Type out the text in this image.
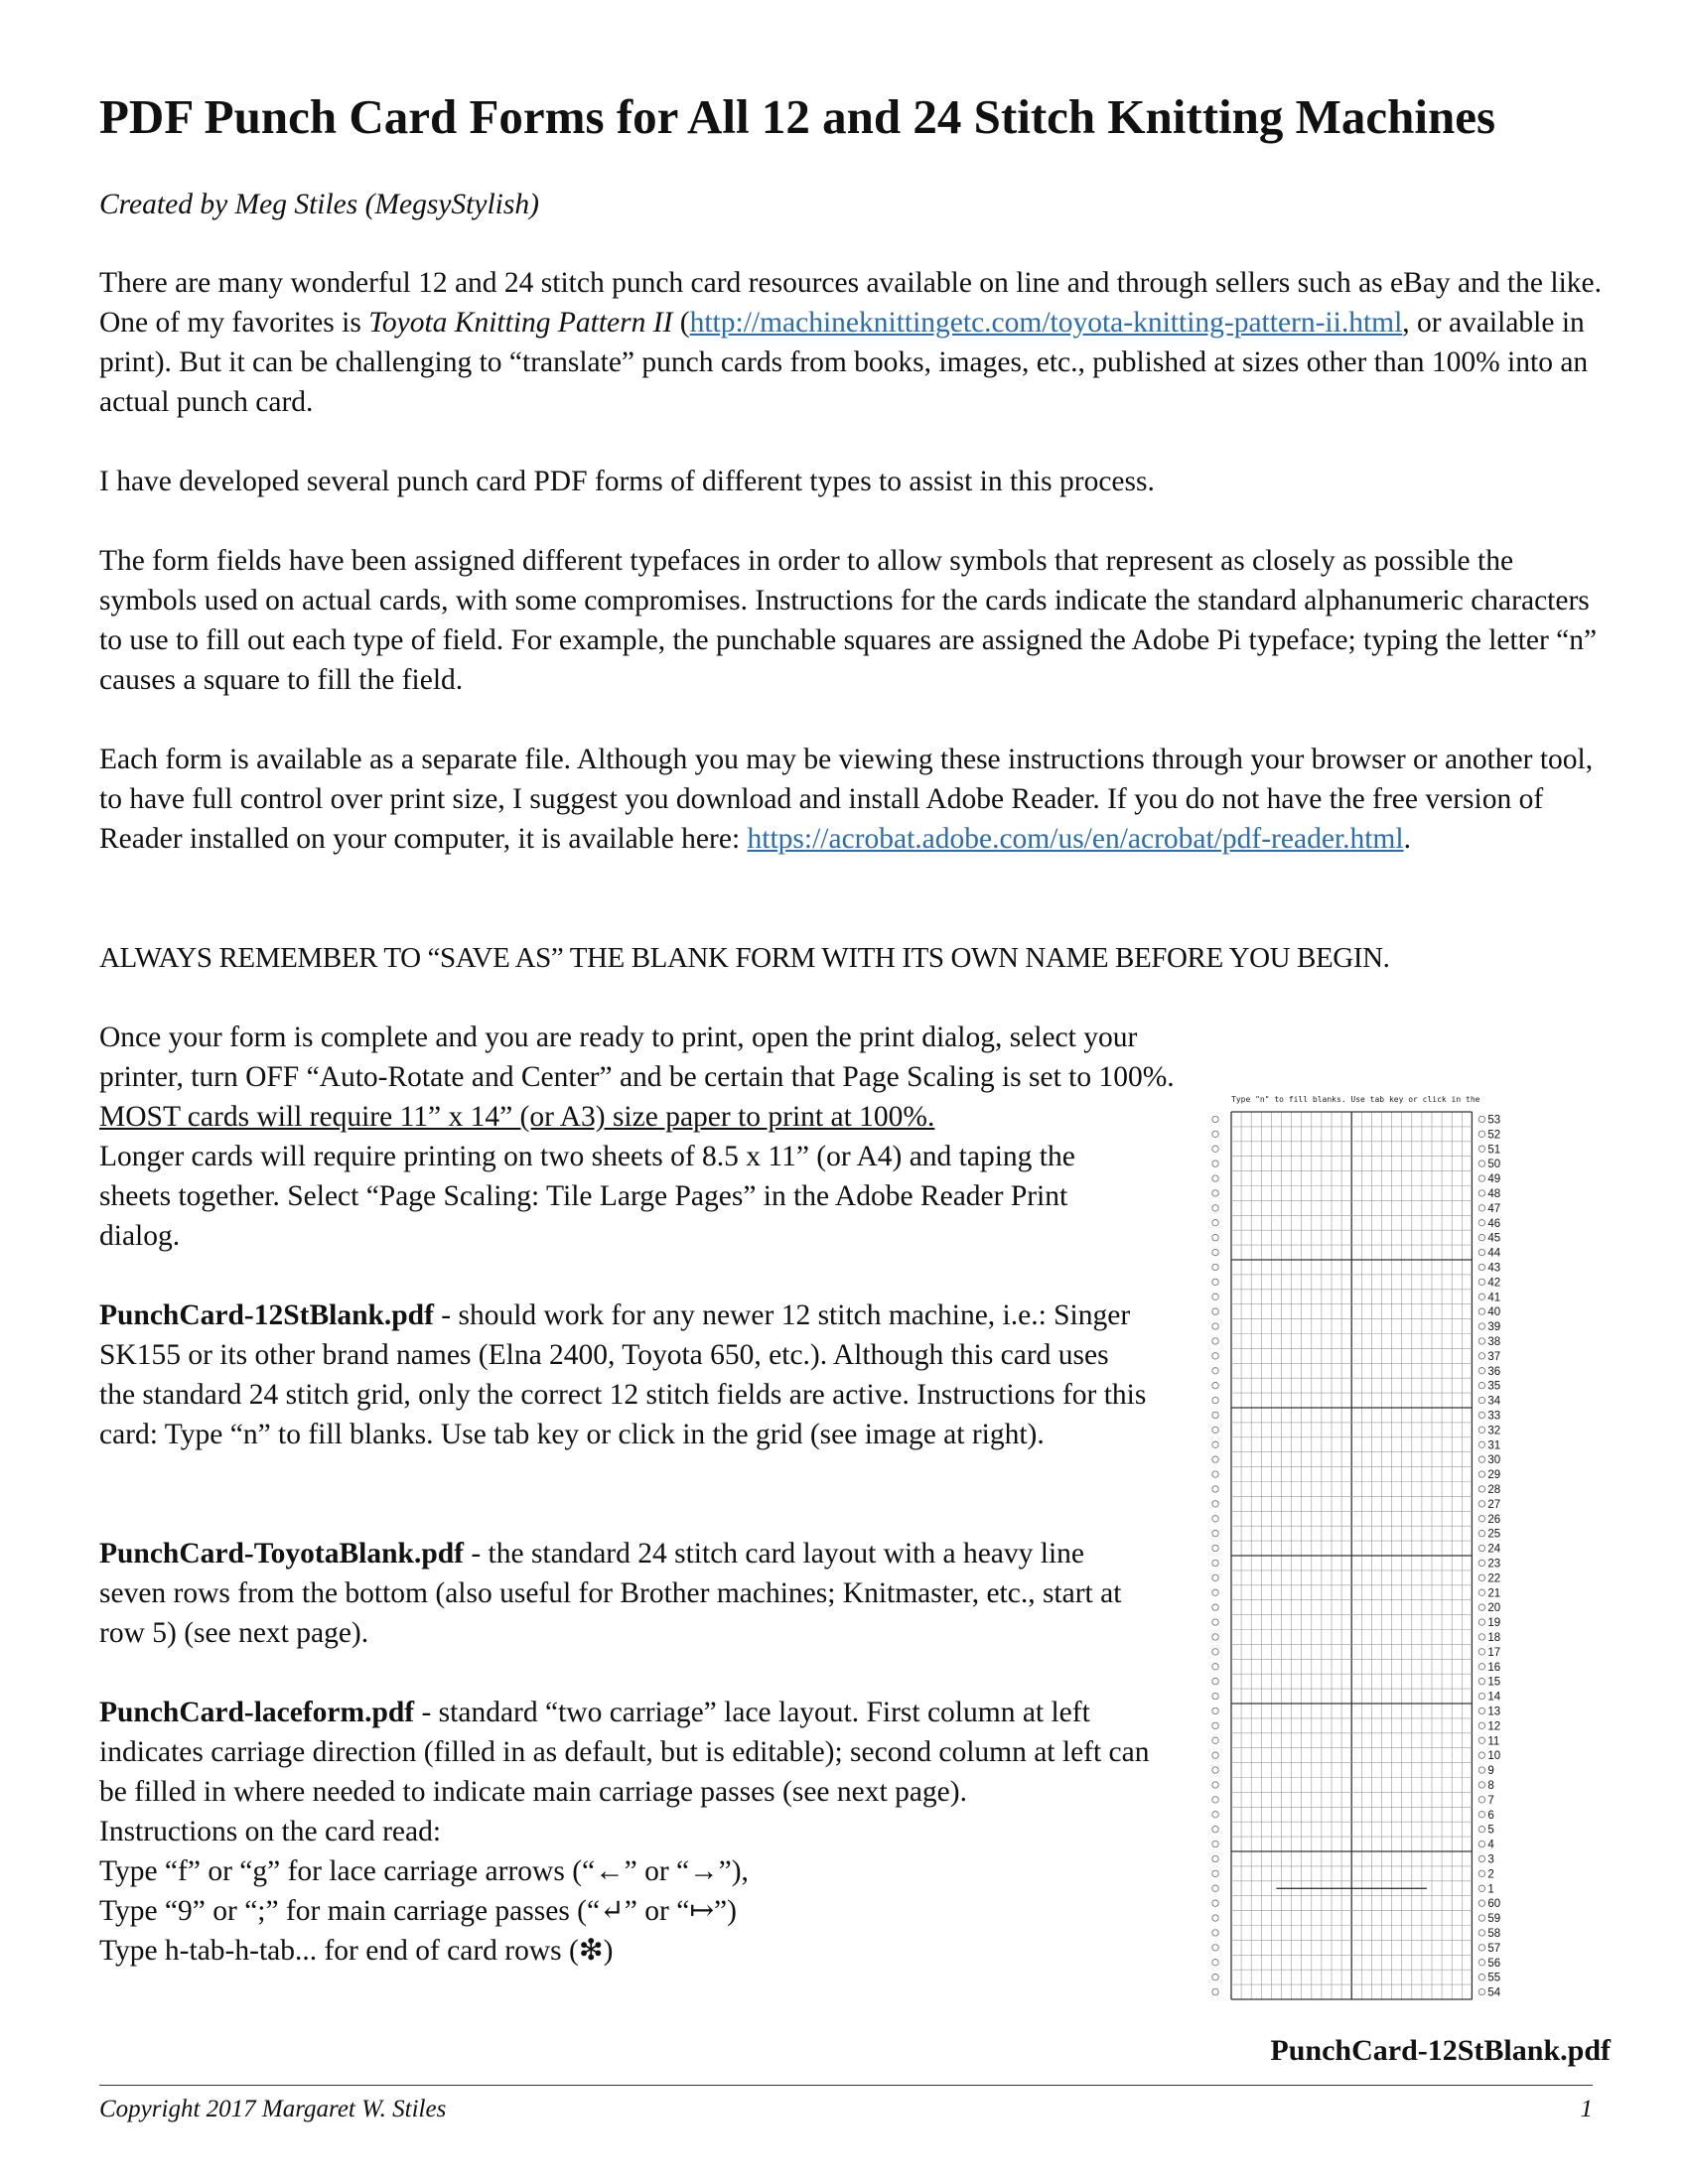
PDF Punch Card Forms for All 12 and 24 Stitch Knitting Machines

Created by Meg Stiles (MegsyStylish)

There are many wonderful 12 and 24 stitch punch card resources available on line and through sellers such as eBay and the like. One of my favorites is Toyota Knitting Pattern II (http://machineknittingetc.com/toyota-knitting-pattern-ii.html, or available in print). But it can be challenging to “translate” punch cards from books, images, etc., published at sizes other than 100% into an actual punch card.

I have developed several punch card PDF forms of different types to assist in this process.

The form fields have been assigned different typefaces in order to allow symbols that represent as closely as possible the symbols used on actual cards, with some compromises. Instructions for the cards indicate the standard alphanumeric characters to use to fill out each type of field. For example, the punchable squares are assigned the Adobe Pi typeface; typing the letter “n” causes a square to fill the field.

Each form is available as a separate file. Although you may be viewing these instructions through your browser or another tool, to have full control over print size, I suggest you download and install Adobe Reader. If you do not have the free version of Reader installed on your computer, it is available here: https://acrobat.adobe.com/us/en/acrobat/pdf-reader.html.

ALWAYS REMEMBER TO “SAVE AS” THE BLANK FORM WITH ITS OWN NAME BEFORE YOU BEGIN.

Once your form is complete and you are ready to print, open the print dialog, select your printer, turn OFF “Auto-Rotate and Center” and be certain that Page Scaling is set to 100%.

MOST cards will require 11” x 14” (or A3) size paper to print at 100%.
Longer cards will require printing on two sheets of 8.5 x 11” (or A4) and taping the sheets together. Select “Page Scaling: Tile Large Pages” in the Adobe Reader Print dialog.

PunchCard-12StBlank.pdf - should work for any newer 12 stitch machine, i.e.: Singer SK155 or its other brand names (Elna 2400, Toyota 650, etc.). Although this card uses the standard 24 stitch grid, only the correct 12 stitch fields are active. Instructions for this card: Type “n” to fill blanks. Use tab key or click in the grid (see image at right).

PunchCard-ToyotaBlank.pdf - the standard 24 stitch card layout with a heavy line seven rows from the bottom (also useful for Brother machines; Knitmaster, etc., start at row 5) (see next page).

PunchCard-laceform.pdf - standard “two carriage” lace layout. First column at left indicates carriage direction (filled in as default, but is editable); second column at left can be filled in where needed to indicate main carriage passes (see next page).
Instructions on the card read:
Type “f” or “g” for lace carriage arrows (“←” or “→”),
Type “9” or “;” for main carriage passes (“↵” or “↦”)
Type h-tab-h-tab... for end of card rows (❇)

Type "n" to fill blanks. Use tab key or click in the
53
52
51
50
49
48
47
46
45
44
43
42
41
40
39
38
37
36
35
34
33
32
31
30
29
28
27
26
25
24
23
22
21
20
19
18
17
16
15
14
13
12
11
10
9
8
7
6
5
4
3
2
1
60
59
58
57
56
55
54
PunchCard-12StBlank.pdf
Copyright 2017 Margaret W. Stiles	1
